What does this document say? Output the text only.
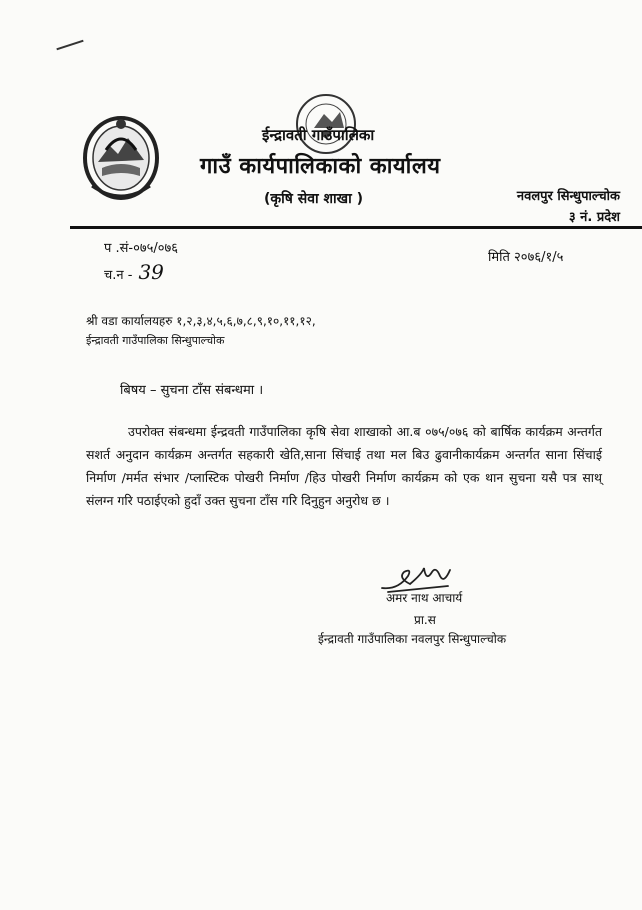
ईन्द्रावती गाउँपालिका
गाउँ कार्यपालिकाको कार्यालय
(कृषि सेवा शाखा )	नवलपुर सिन्धुपाल्चोक
३ नं. प्रदेश
प .सं-०७५/०७६
च.न - 39
मिति २०७६/१/५
श्री वडा कार्यालयहरु १,२,३,४,५,६,७,८,९,१०,११,१२,
ईन्द्रावती गाउँपालिका सिन्धुपाल्चोक
बिषय – सुचना टाँस संबन्धमा ।
उपरोक्त संबन्धमा ईन्द्रवती गाउँपालिका कृषि सेवा शाखाको आ.ब ०७५/०७६ को बार्षिक कार्यक्रम अन्तर्गत सशर्त अनुदान कार्यक्रम अन्तर्गत सहकारी खेति,साना सिंचाई तथा मल बिउ ढुवानीकार्यक्रम अन्तर्गत साना सिंचाई निर्माण /मर्मत संभार /प्लास्टिक पोखरी निर्माण /हिउ पोखरी निर्माण कार्यक्रम को एक थान सुचना यसै पत्र साथ् संलग्न गरि पठाईएको हुदाँ उक्त सुचना टाँस गरि दिनुहुन अनुरोध छ ।
अमर नाथ आचार्य
प्रा.स
ईन्द्रावती गाउँपालिका नवलपुर सिन्धुपाल्चोक
